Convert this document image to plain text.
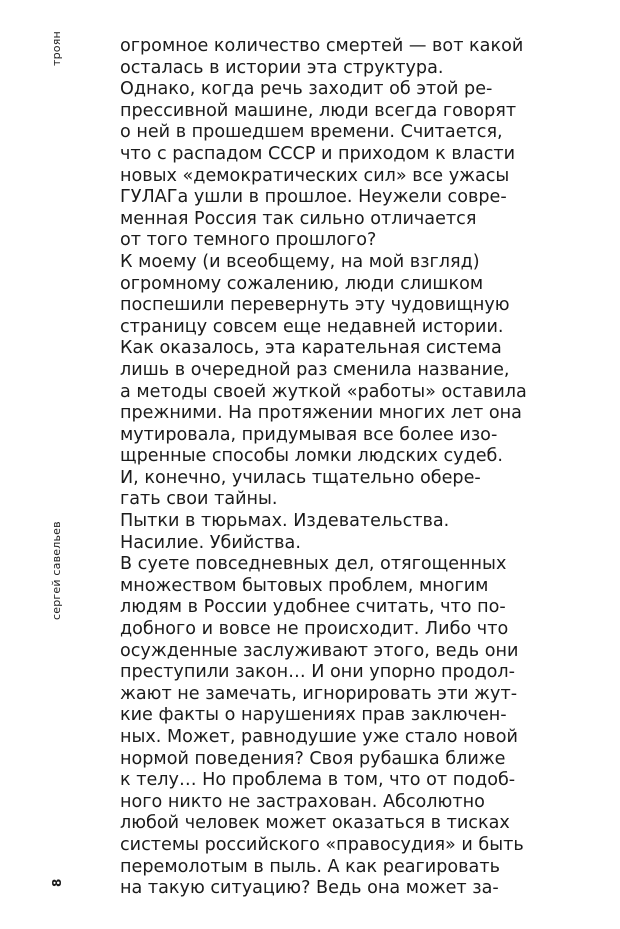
троян
сергей савельев
8
огромное количество смертей — вот какой
осталась в истории эта структура.
Однако, когда речь заходит об этой ре-
прессивной машине, люди всегда говорят
о ней в прошедшем времени. Считается,
что с распадом СССР и приходом к власти
новых «демократических сил» все ужасы
ГУЛАГа ушли в прошлое. Неужели совре-
менная Россия так сильно отличается
от того темного прошлого?
К моему (и всеобщему, на мой взгляд)
огромному сожалению, люди слишком
поспешили перевернуть эту чудовищную
страницу совсем еще недавней истории.
Как оказалось, эта карательная система
лишь в очередной раз сменила название,
а методы своей жуткой «работы» оставила
прежними. На протяжении многих лет она
мутировала, придумывая все более изо-
щренные способы ломки людских судеб.
И, конечно, училась тщательно обере-
гать свои тайны.
Пытки в тюрьмах. Издевательства.
Насилие. Убийства.
В суете повседневных дел, отягощенных
множеством бытовых проблем, многим
людям в России удобнее считать, что по-
добного и вовсе не происходит. Либо что
осужденные заслуживают этого, ведь они
преступили закон… И они упорно продол-
жают не замечать, игнорировать эти жут-
кие факты о нарушениях прав заключен-
ных. Может, равнодушие уже стало новой
нормой поведения? Своя рубашка ближе
к телу… Но проблема в том, что от подоб-
ного никто не застрахован. Абсолютно
любой человек может оказаться в тисках
системы российского «правосудия» и быть
перемолотым в пыль. А как реагировать
на такую ситуацию? Ведь она может за-
